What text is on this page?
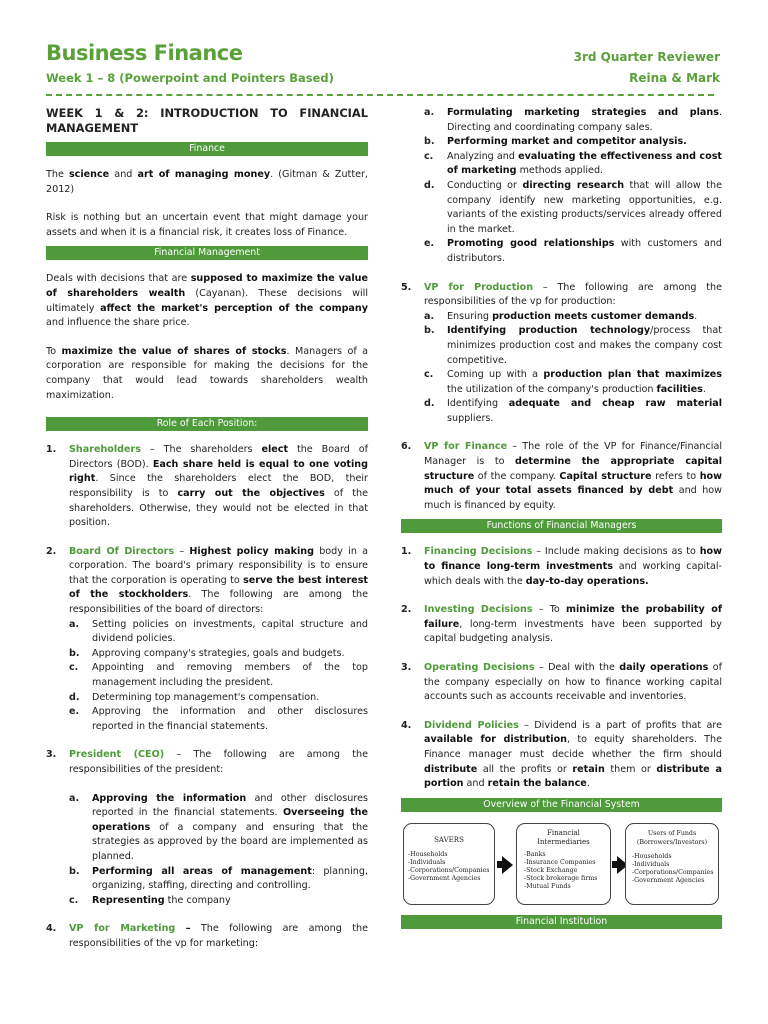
Business Finance
Week 1 – 8 (Powerpoint and Pointers Based)
3rd Quarter Reviewer
Reina & Mark
WEEK 1 & 2: INTRODUCTION TO FINANCIAL
MANAGEMENT
Finance

The science and art of managing money. (Gitman & Zutter, 2012)

Risk is nothing but an uncertain event that might damage your assets and when it is a financial risk, it creates loss of Finance.

Financial Management

Deals with decisions that are supposed to maximize the value of shareholders wealth (Cayanan). These decisions will ultimately affect the market's perception of the company and influence the share price.

To maximize the value of shares of stocks. Managers of a corporation are responsible for making the decisions for the company that would lead towards shareholders wealth maximization.

Role of Each Position:
1. Shareholders – The shareholders elect the Board of Directors (BOD). Each share held is equal to one voting right. Since the shareholders elect the BOD, their responsibility is to carry out the objectives of the shareholders. Otherwise, they would not be elected in that position.
2. Board Of Directors – Highest policy making body in a corporation. The board's primary responsibility is to ensure that the corporation is operating to serve the best interest of the stockholders. The following are among the responsibilities of the board of directors:
a. Setting policies on investments, capital structure and dividend policies.
b. Approving company's strategies, goals and budgets.
c. Appointing and removing members of the top management including the president.
d. Determining top management's compensation.
e. Approving the information and other disclosures reported in the financial statements.
3. President (CEO) – The following are among the responsibilities of the president:
a. Approving the information and other disclosures reported in the financial statements. Overseeing the operations of a company and ensuring that the strategies as approved by the board are implemented as planned.
b. Performing all areas of management: planning, organizing, staffing, directing and controlling.
c. Representing the company
4. VP for Marketing – The following are among the responsibilities of the vp for marketing:
a. Formulating marketing strategies and plans. Directing and coordinating company sales.
b. Performing market and competitor analysis.
c. Analyzing and evaluating the effectiveness and cost of marketing methods applied.
d. Conducting or directing research that will allow the company identify new marketing opportunities, e.g. variants of the existing products/services already offered in the market.
e. Promoting good relationships with customers and distributors.
5. VP for Production – The following are among the responsibilities of the vp for production:
a. Ensuring production meets customer demands.
b. Identifying production technology/process that minimizes production cost and makes the company cost competitive.
c. Coming up with a production plan that maximizes the utilization of the company's production facilities.
d. Identifying adequate and cheap raw material suppliers.
6. VP for Finance – The role of the VP for Finance/Financial Manager is to determine the appropriate capital structure of the company. Capital structure refers to how much of your total assets financed by debt and how much is financed by equity.
Functions of Financial Managers
1. Financing Decisions – Include making decisions as to how to finance long-term investments and working capital-which deals with the day-to-day operations.
2. Investing Decisions – To minimize the probability of failure, long-term investments have been supported by capital budgeting analysis.
3. Operating Decisions – Deal with the daily operations of the company especially on how to finance working capital accounts such as accounts receivable and inventories.
4. Dividend Policies – Dividend is a part of profits that are available for distribution, to equity shareholders. The Finance manager must decide whether the firm should distribute all the profits or retain them or distribute a portion and retain the balance.
Overview of the Financial System
SAVERS
-Households
-Individuals
-Corporations/Companies
-Government Agencies
Financial
Intermediaries
-Banks
-Insurance Companies
-Stock Exchange
-Stock brokerage firms
-Mutual Funds
Users of Funds
(Borrowers/Investors)
-Households
-Individuals
-Corporations/Companies
-Government Agencies
Financial Institution
